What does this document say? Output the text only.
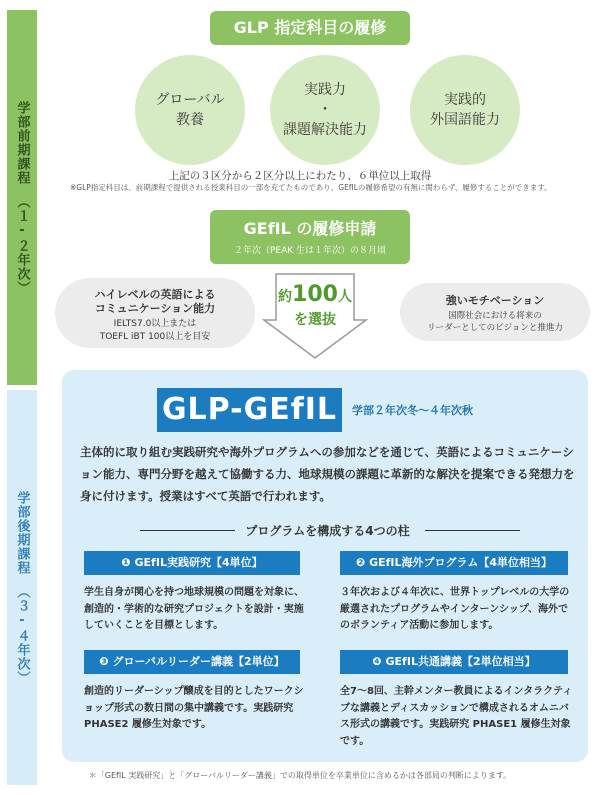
学部前期課程
（１-２年次）
学部後期課程
（３-４年次）
GLP 指定科目の履修
グローバル
教養
実践力
・
課題解決能力
実践的
外国語能力
上記の３区分から２区分以上にわたり、６単位以上取得
※GLP指定科目は、前期課程で提供される授業科目の一部を充てたものであり、GEfILの履修希望の有無に関わらず、履修することができます。
GEfIL の履修申請
２年次（PEAK 生は１年次）の８月頃
ハイレベルの英語による
コミュニケーション能力
IELTS7.0以上または
TOEFL iBT 100以上を目安
約100人
を選抜
強いモチベーション
国際社会における将来の
リーダーとしてのビジョンと推進力
GLP-GEfIL	学部２年次冬〜４年次秋
主体的に取り組む実践研究や海外プログラムへの参加などを通じて、英語によるコミュニケーション能力、専門分野を越えて協働する力、地球規模の課題に革新的な解決を提案できる発想力を身に付けます。授業はすべて英語で行われます。
プログラムを構成する4つの柱
❶ GEfIL実践研究【4単位】
学生自身が関心を持つ地球規模の問題を対象に、創造的・学術的な研究プロジェクトを設計・実施していくことを目標とします。
❷ GEfIL海外プログラム【4単位相当】
３年次および４年次に、世界トップレベルの大学の厳選されたプログラムやインターンシップ、海外でのボランティア活動に参加します。
❸ グローバルリーダー講義【2単位】
創造的リーダーシップ醸成を目的としたワークショップ形式の数日間の集中講義です。実践研究 PHASE2 履修生対象です。
❹ GEfIL共通講義【2単位相当】
全7〜8回、主幹メンター教員によるインタラクティブな講義とディスカッションで構成されるオムニバス形式の講義です。実践研究 PHASE1 履修生対象です。
＊「GEfIL 実践研究」と「グローバルリーダー講義」での取得単位を卒業単位に含めるかは各部局の判断によります。
